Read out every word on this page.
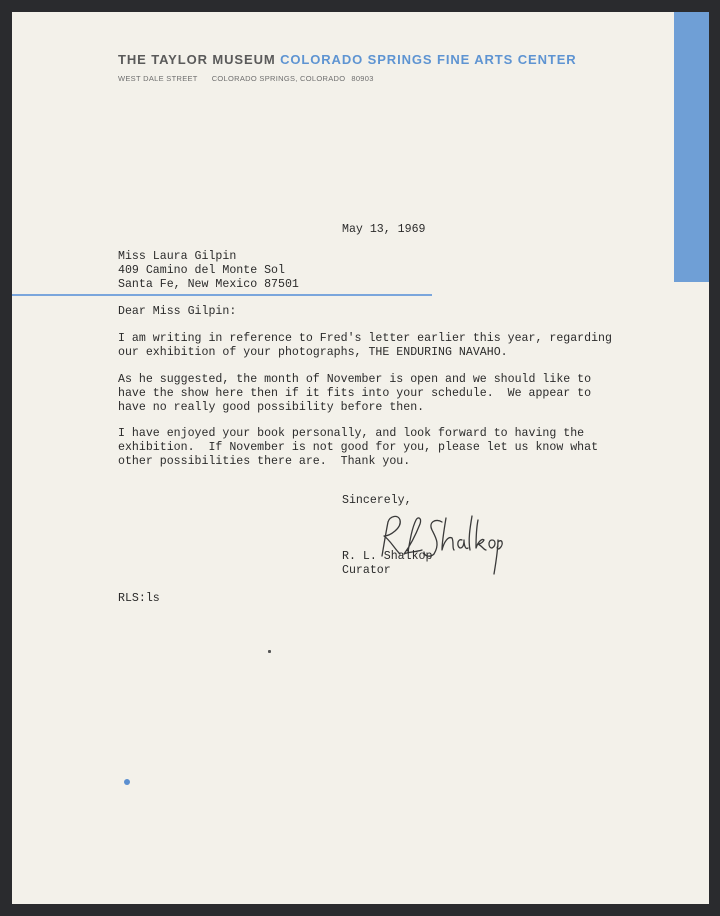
THE TAYLOR MUSEUM COLORADO SPRINGS FINE ARTS CENTER
WEST DALE STREET COLORADO SPRINGS, COLORADO 80903
May 13, 1969
Miss Laura Gilpin
409 Camino del Monte Sol
Santa Fe, New Mexico 87501
Dear Miss Gilpin:
I am writing in reference to Fred's letter earlier this year, regarding
our exhibition of your photographs, THE ENDURING NAVAHO.
As he suggested, the month of November is open and we should like to
have the show here then if it fits into your schedule.  We appear to
have no really good possibility before then.
I have enjoyed your book personally, and look forward to having the
exhibition.  If November is not good for you, please let us know what
other possibilities there are.  Thank you.
Sincerely,
R. L. Shalkop
Curator
RLS:ls
